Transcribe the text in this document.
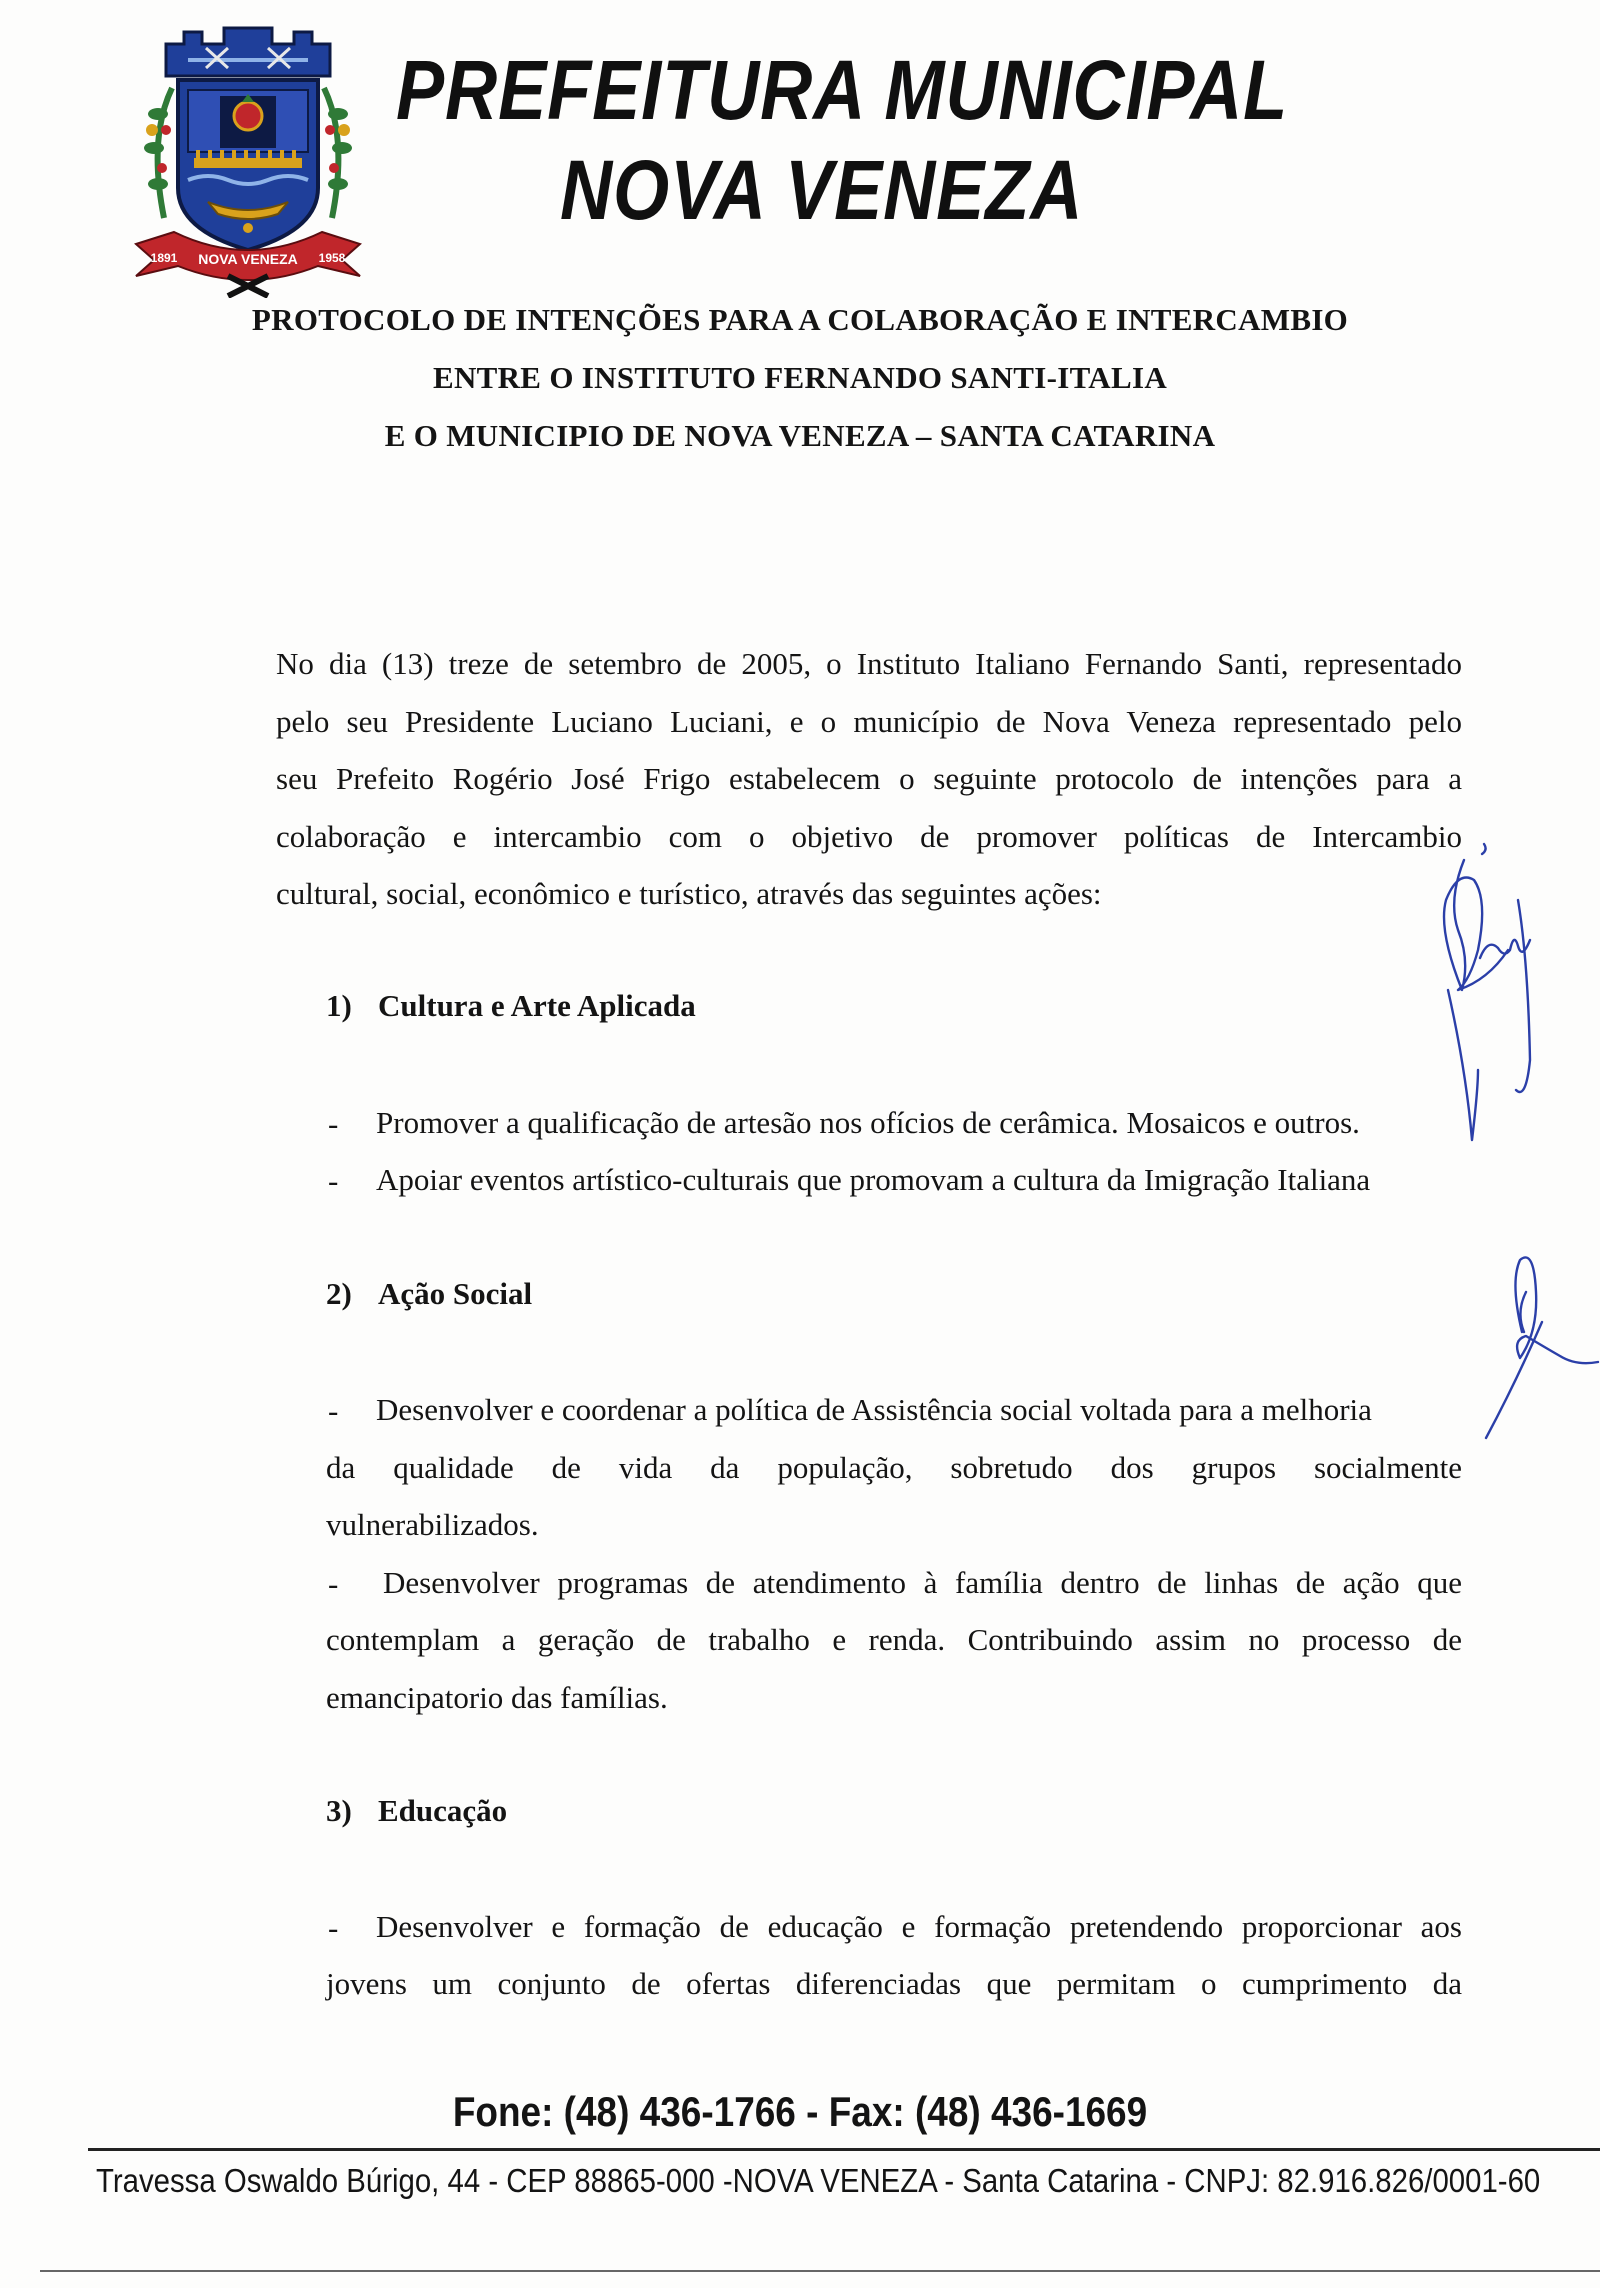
NOVA VENEZA
1891	1958
PREFEITURA MUNICIPAL
NOVA VENEZA
PROTOCOLO DE INTENÇÕES PARA A COLABORAÇÃO E INTERCAMBIO
ENTRE O INSTITUTO FERNANDO SANTI-ITALIA
E O MUNICIPIO DE NOVA VENEZA – SANTA CATARINA
No dia (13) treze de setembro de 2005, o Instituto Italiano Fernando Santi, representado
pelo seu Presidente Luciano Luciani, e o município de Nova Veneza representado pelo
seu Prefeito Rogério José Frigo estabelecem o seguinte protocolo de intenções para a
colaboração e intercambio com o objetivo de promover políticas de Intercambio
cultural, social, econômico e turístico, através das seguintes ações:
1) Cultura e Arte Aplicada
- Promover a qualificação de artesão nos ofícios de cerâmica. Mosaicos e outros.
- Apoiar eventos artístico-culturais que promovam a cultura da Imigração Italiana
2) Ação Social
- Desenvolver e coordenar a política de Assistência social voltada para a melhoria
da qualidade de vida da população, sobretudo dos grupos socialmente
vulnerabilizados.
- Desenvolver programas de atendimento à família dentro de linhas de ação que
contemplam a geração de trabalho e renda. Contribuindo assim no processo de
emancipatorio das famílias.
3) Educação
- Desenvolver e formação de educação e formação pretendendo proporcionar aos
jovens um conjunto de ofertas diferenciadas que permitam o cumprimento da
Fone: (48) 436-1766 - Fax: (48) 436-1669
Travessa Oswaldo Búrigo, 44 - CEP 88865-000 -NOVA VENEZA - Santa Catarina - CNPJ: 82.916.826/0001-60
